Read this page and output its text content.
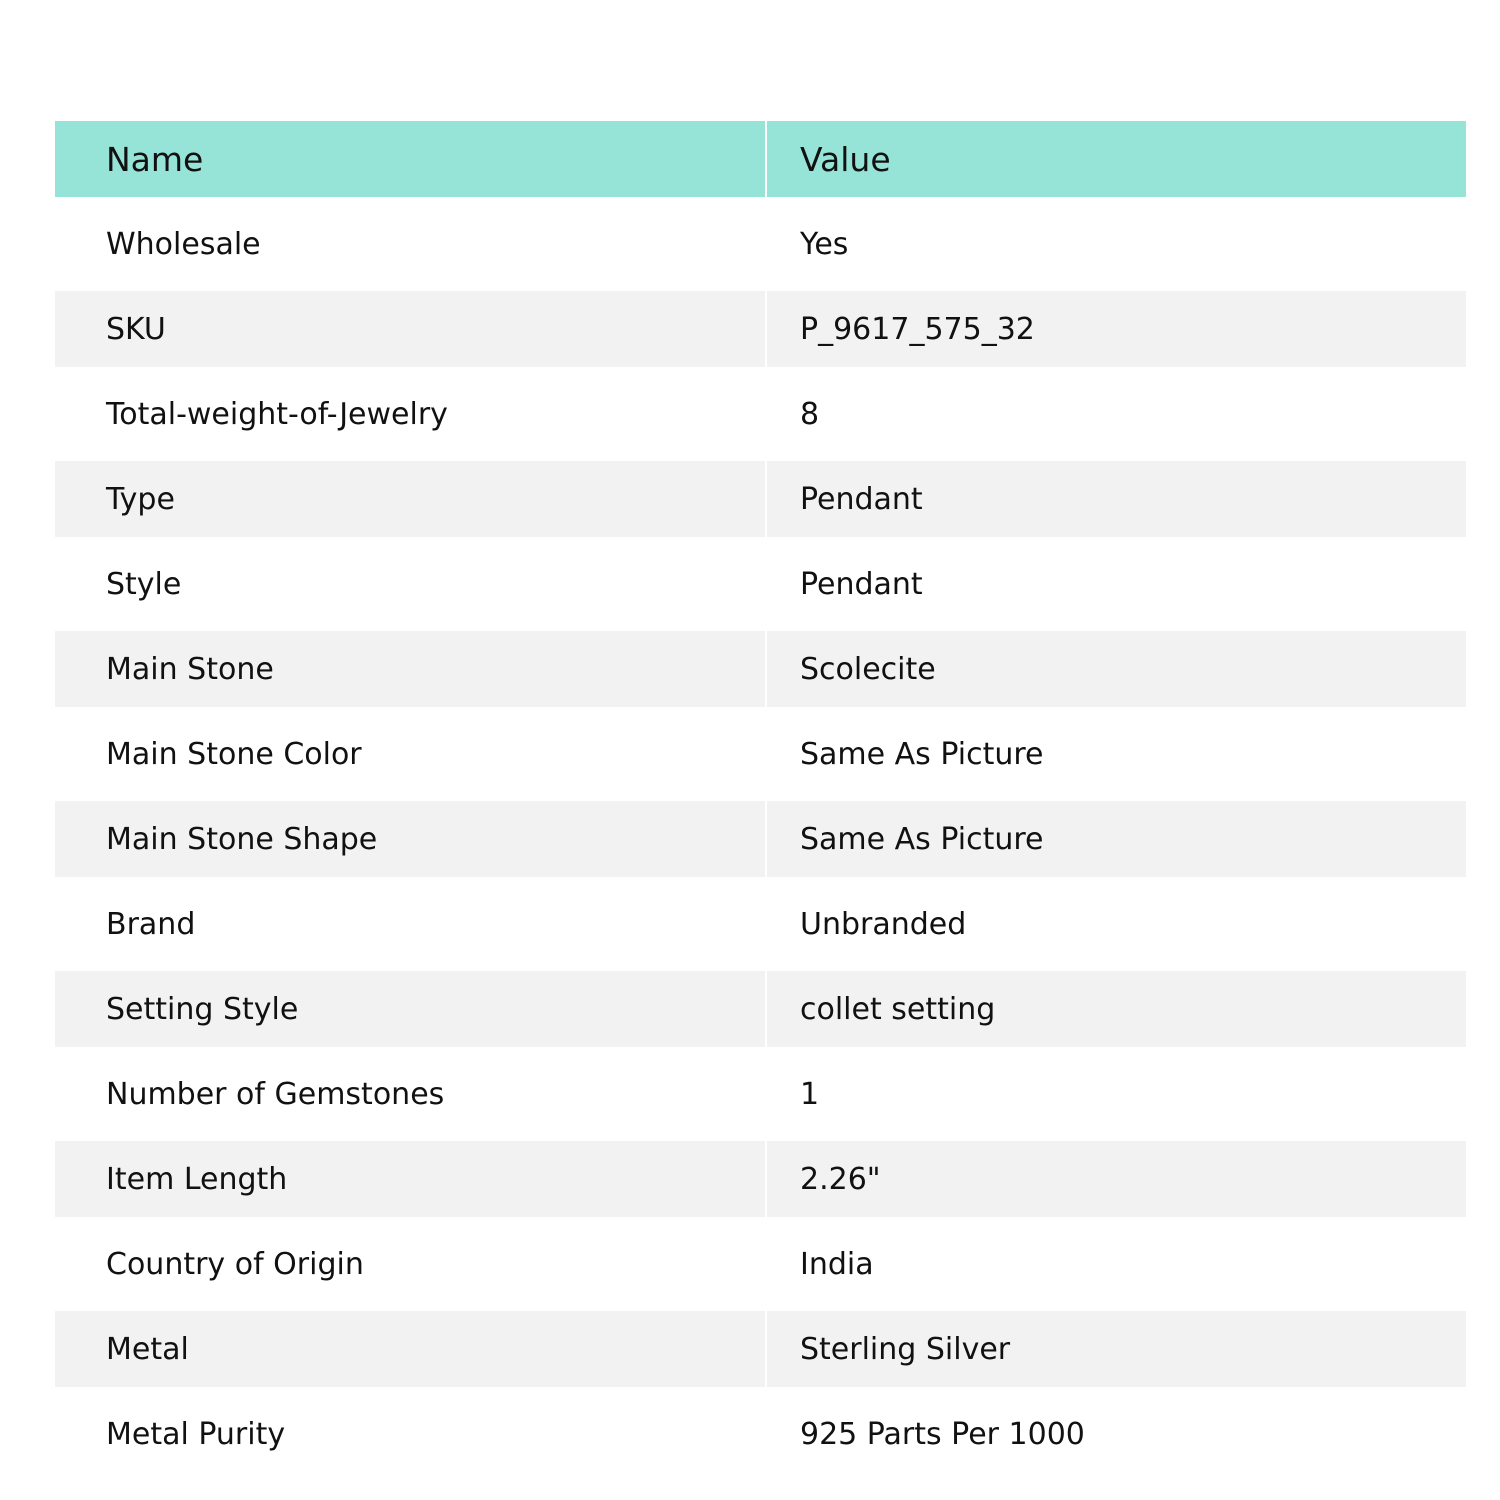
Name	Value
Wholesale	Yes
SKU	P_9617_575_32
Total-weight-of-Jewelry	8
Type	Pendant
Style	Pendant
Main Stone	Scolecite
Main Stone Color	Same As Picture
Main Stone Shape	Same As Picture
Brand	Unbranded
Setting Style	collet setting
Number of Gemstones	1
Item Length	2.26"
Country of Origin	India
Metal	Sterling Silver
Metal Purity	925 Parts Per 1000
